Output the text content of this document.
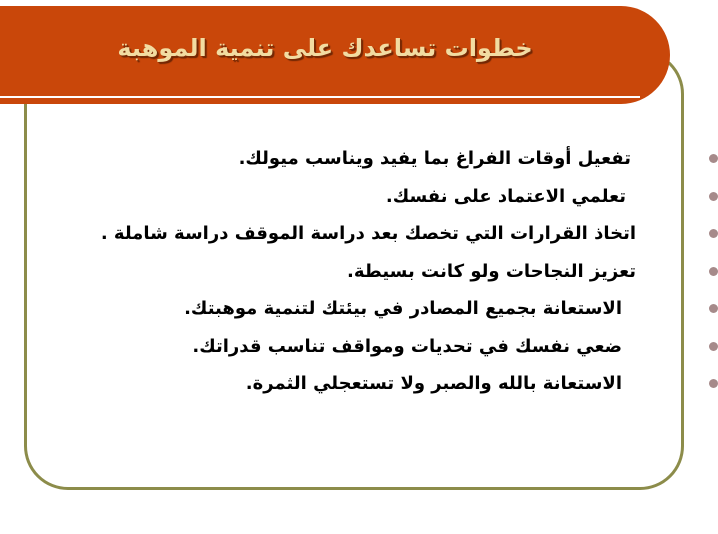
خطوات تساعدك على تنمية الموهبة
تفعيل أوقات الفراغ بما يفيد ويناسب ميولك.
تعلمي الاعتماد على نفسك.
اتخاذ القرارات التي تخصك بعد دراسة الموقف دراسة شاملة .
تعزيز النجاحات ولو كانت بسيطة.
الاستعانة بجميع المصادر في بيئتك لتنمية موهبتك.
ضعي نفسك في تحديات ومواقف تناسب قدراتك.
الاستعانة بالله والصبر ولا تستعجلي الثمرة.
